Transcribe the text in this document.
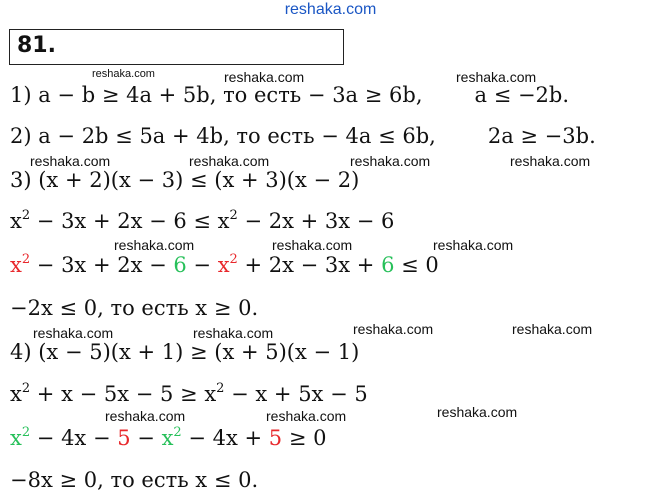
reshaka.com
81.
reshaka.com	reshaka.com	reshaka.com
reshaka.com	reshaka.com	reshaka.com	reshaka.com
reshaka.com	reshaka.com	reshaka.com
reshaka.com	reshaka.com	reshaka.com	reshaka.com
reshaka.com	reshaka.com	reshaka.com
1) a − b ≥ 4a + 5b, то есть − 3a ≥ 6b, a ≤ −2b.
2) a − 2b ≤ 5a + 4b, то есть − 4a ≤ 6b, 2a ≥ −3b.
3) (x + 2)(x − 3) ≤ (x + 3)(x − 2)
$x^2 - 3x + 2x - 6 \le x^2 - 2x + 3x - 6$
$x^2 - 3x + 2x - 6 - x^2 + 2x - 3x + 6 \le 0$
−2x ≤ 0, то есть x ≥ 0.
4) (x − 5)(x + 1) ≥ (x + 5)(x − 1)
$x^2 + x - 5x - 5 \ge x^2 - x + 5x - 5$
$x^2 - 4x - 5 - x^2 - 4x + 5 \ge 0$
−8x ≥ 0, то есть x ≤ 0.
